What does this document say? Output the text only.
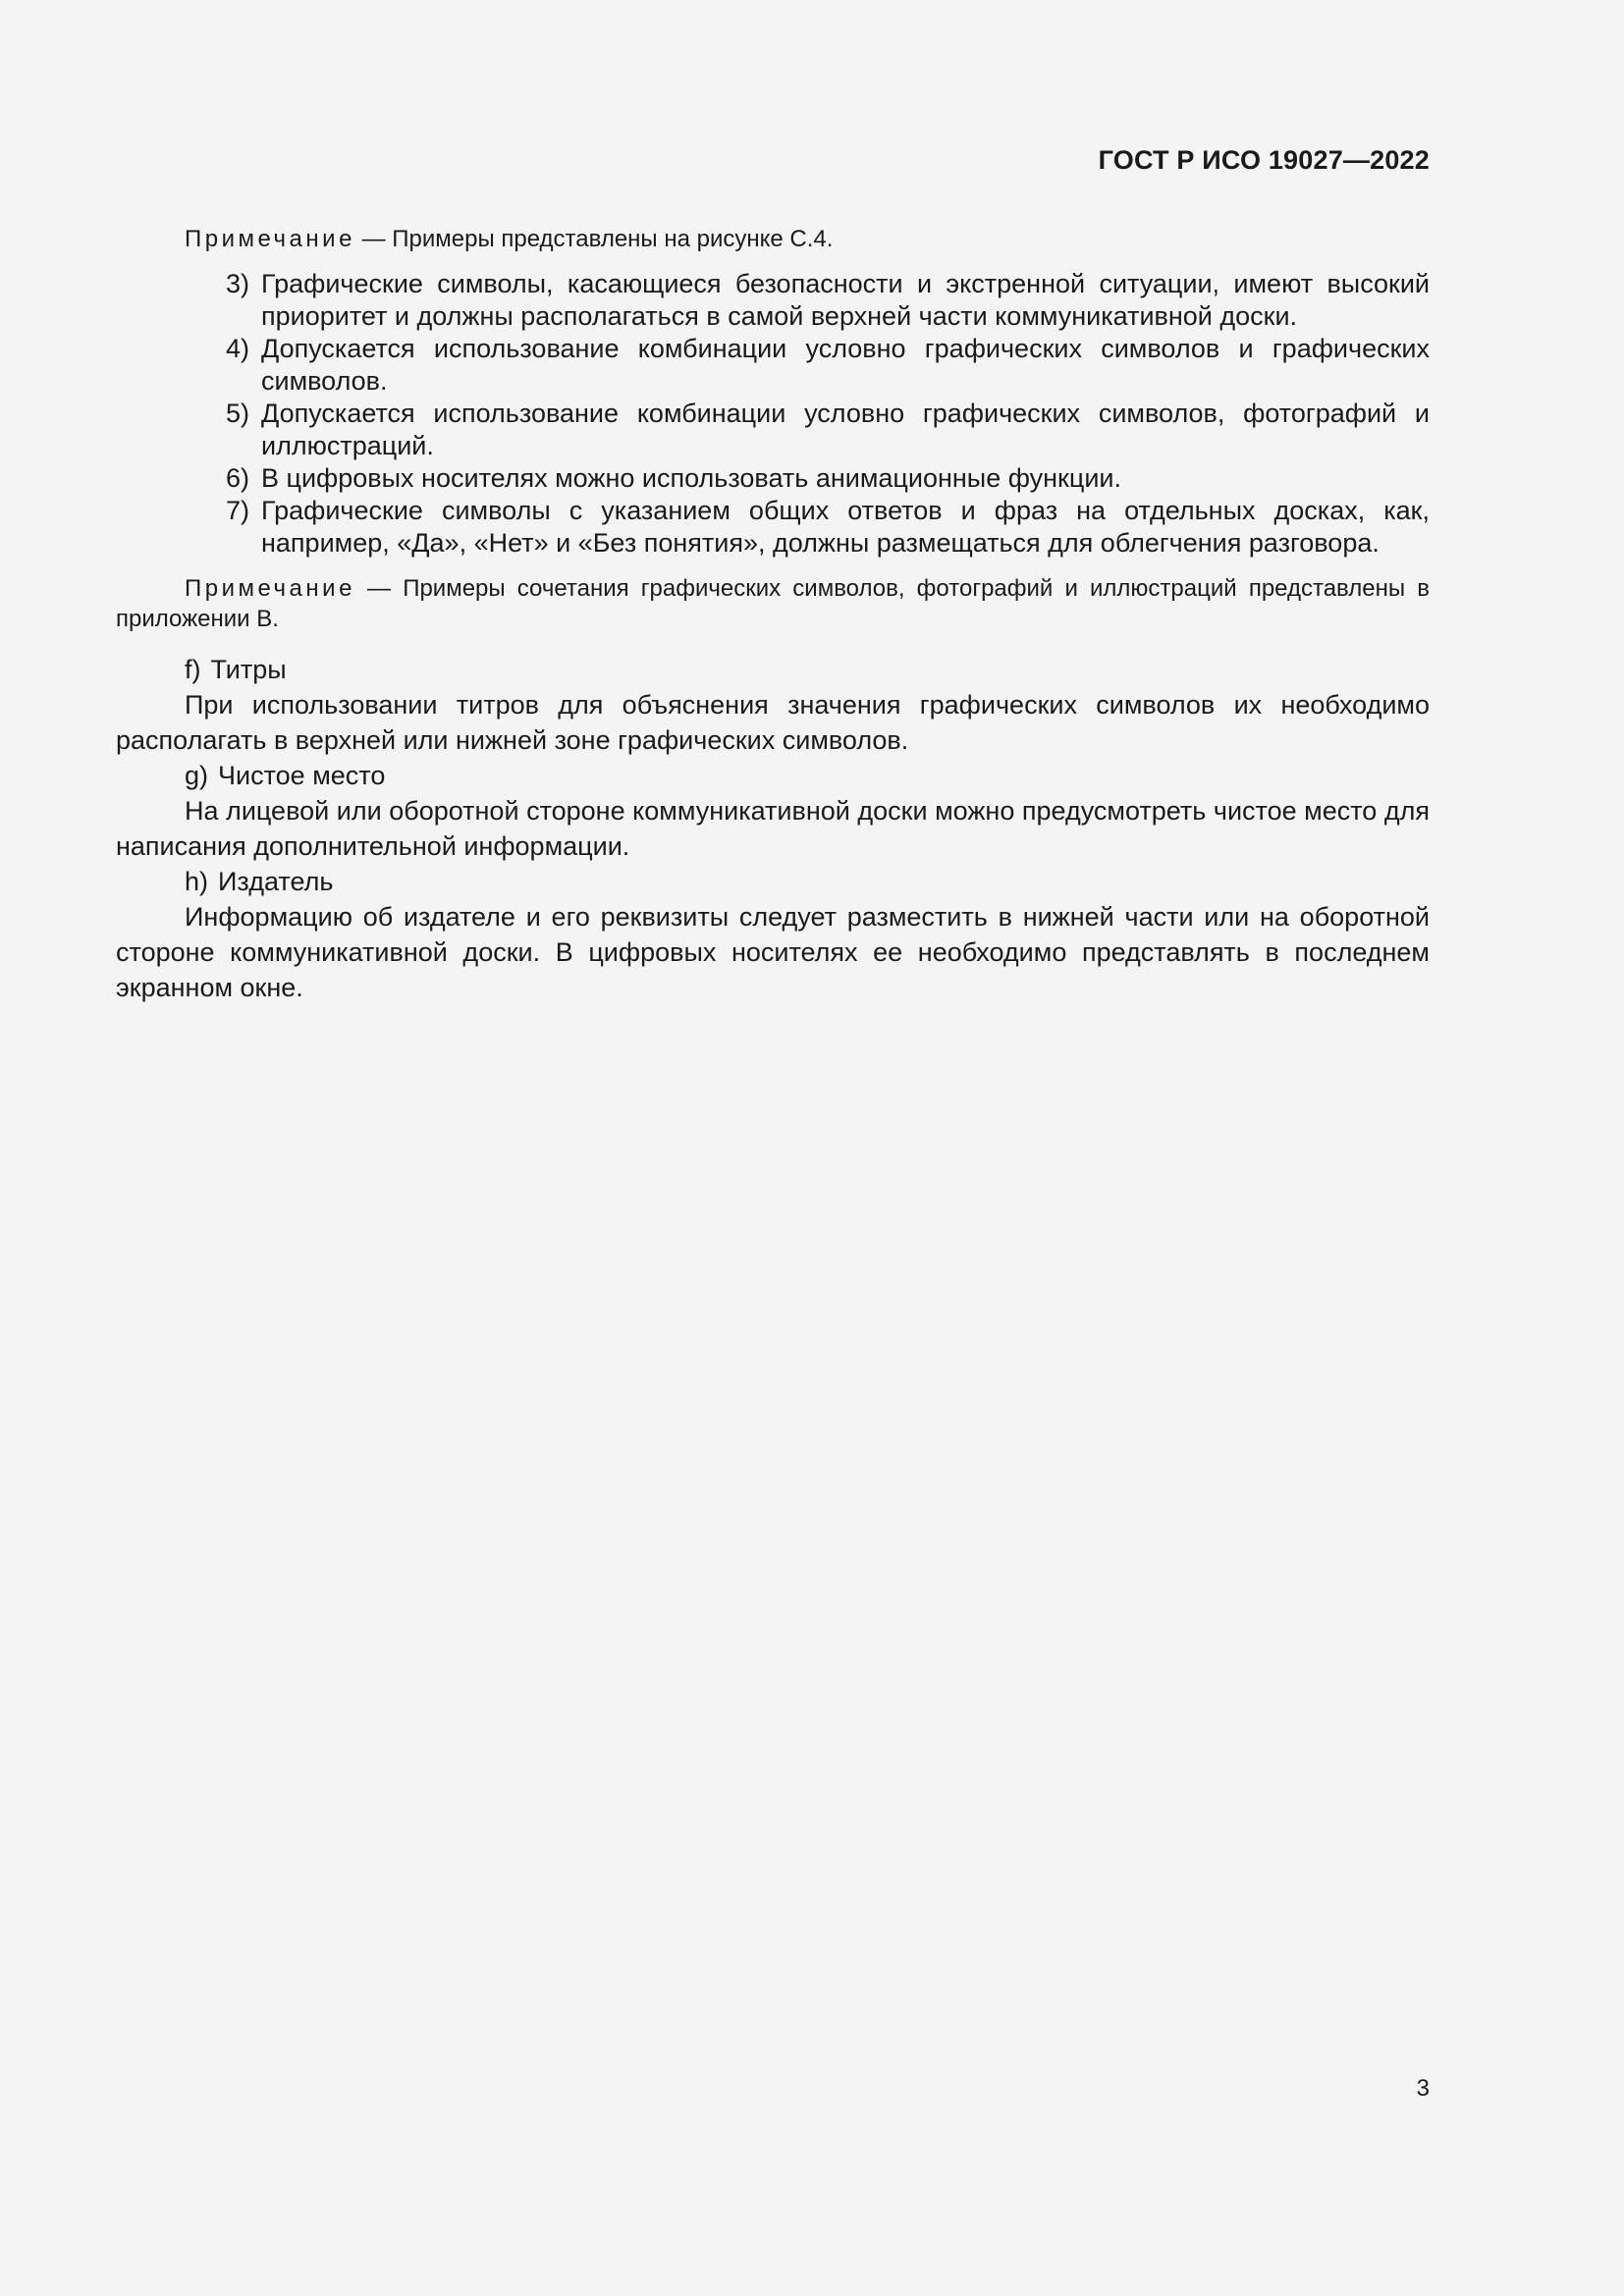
ГОСТ Р ИСО 19027—2022
Примечание — Примеры представлены на рисунке С.4.
3) Графические символы, касающиеся безопасности и экстренной ситуации, имеют высокий приоритет и должны располагаться в самой верхней части коммуникативной доски.
4) Допускается использование комбинации условно графических символов и графических символов.
5) Допускается использование комбинации условно графических символов, фотографий и иллюстраций.
6) В цифровых носителях можно использовать анимационные функции.
7) Графические символы с указанием общих ответов и фраз на отдельных досках, как, например, «Да», «Нет» и «Без понятия», должны размещаться для облегчения разговора.
Примечание — Примеры сочетания графических символов, фотографий и иллюстраций представлены в приложении В.
f) Титры

При использовании титров для объяснения значения графических символов их необходимо располагать в верхней или нижней зоне графических символов.

g) Чистое место

На лицевой или оборотной стороне коммуникативной доски можно предусмотреть чистое место для написания дополнительной информации.

h) Издатель

Информацию об издателе и его реквизиты следует разместить в нижней части или на оборотной стороне коммуникативной доски. В цифровых носителях ее необходимо представлять в последнем экранном окне.

3
